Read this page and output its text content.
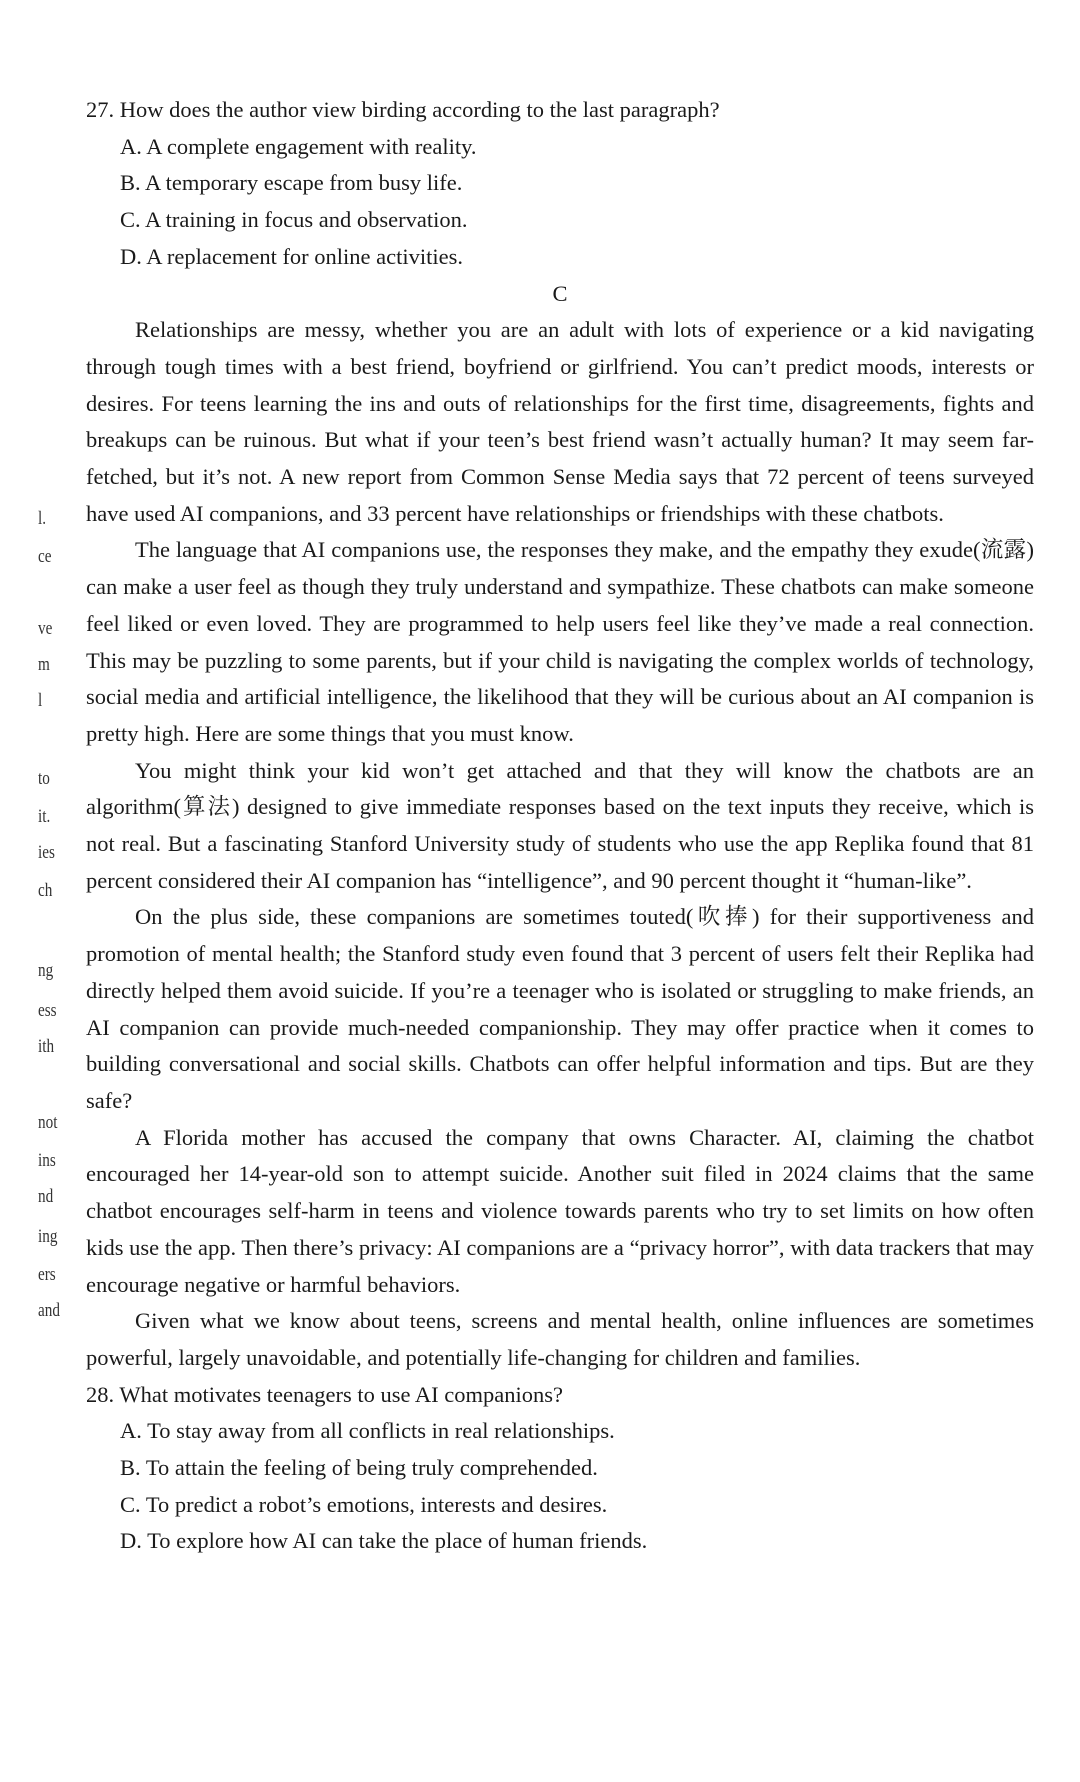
l.
ce
ve
m
l
to
it.
ies
ch
ng
ess
ith
not
ins
nd
ing
ers
and

27. How does the author view birding according to the last paragraph?

A. A complete engagement with reality.

B. A temporary escape from busy life.

C. A training in focus and observation.

D. A replacement for online activities.

C

Relationships are messy, whether you are an adult with lots of experience or a kid navigating through tough times with a best friend, boyfriend or girlfriend. You can’t predict moods, interests or desires. For teens learning the ins and outs of relationships for the first time, disagreements, fights and breakups can be ruinous. But what if your teen’s best friend wasn’t actually human? It may seem far-fetched, but it’s not. A new report from Common Sense Media says that 72 percent of teens surveyed have used AI companions, and 33 percent have relationships or friendships with these chatbots.

The language that AI companions use, the responses they make, and the empathy they exude(流露) can make a user feel as though they truly understand and sympathize. These chatbots can make someone feel liked or even loved. They are programmed to help users feel like they’ve made a real connection. This may be puzzling to some parents, but if your child is navigating the complex worlds of technology, social media and artificial intelligence, the likelihood that they will be curious about an AI companion is pretty high. Here are some things that you must know.

You might think your kid won’t get attached and that they will know the chatbots are an algorithm(算法) designed to give immediate responses based on the text inputs they receive, which is not real. But a fascinating Stanford University study of students who use the app Replika found that 81 percent considered their AI companion has “intelligence”, and 90 percent thought it “human-like”.

On the plus side, these companions are sometimes touted(吹捧) for their supportiveness and promotion of mental health; the Stanford study even found that 3 percent of users felt their Replika had directly helped them avoid suicide. If you’re a teenager who is isolated or struggling to make friends, an AI companion can provide much-needed companionship. They may offer practice when it comes to building conversational and social skills. Chatbots can offer helpful information and tips. But are they safe?

A Florida mother has accused the company that owns Character. AI, claiming the chatbot encouraged her 14-year-old son to attempt suicide. Another suit filed in 2024 claims that the same chatbot encourages self-harm in teens and violence towards parents who try to set limits on how often kids use the app. Then there’s privacy: AI companions are a “privacy horror”, with data trackers that may encourage negative or harmful behaviors.

Given what we know about teens, screens and mental health, online influences are sometimes powerful, largely unavoidable, and potentially life-changing for children and families.

28. What motivates teenagers to use AI companions?

A. To stay away from all conflicts in real relationships.

B. To attain the feeling of being truly comprehended.

C. To predict a robot’s emotions, interests and desires.

D. To explore how AI can take the place of human friends.
